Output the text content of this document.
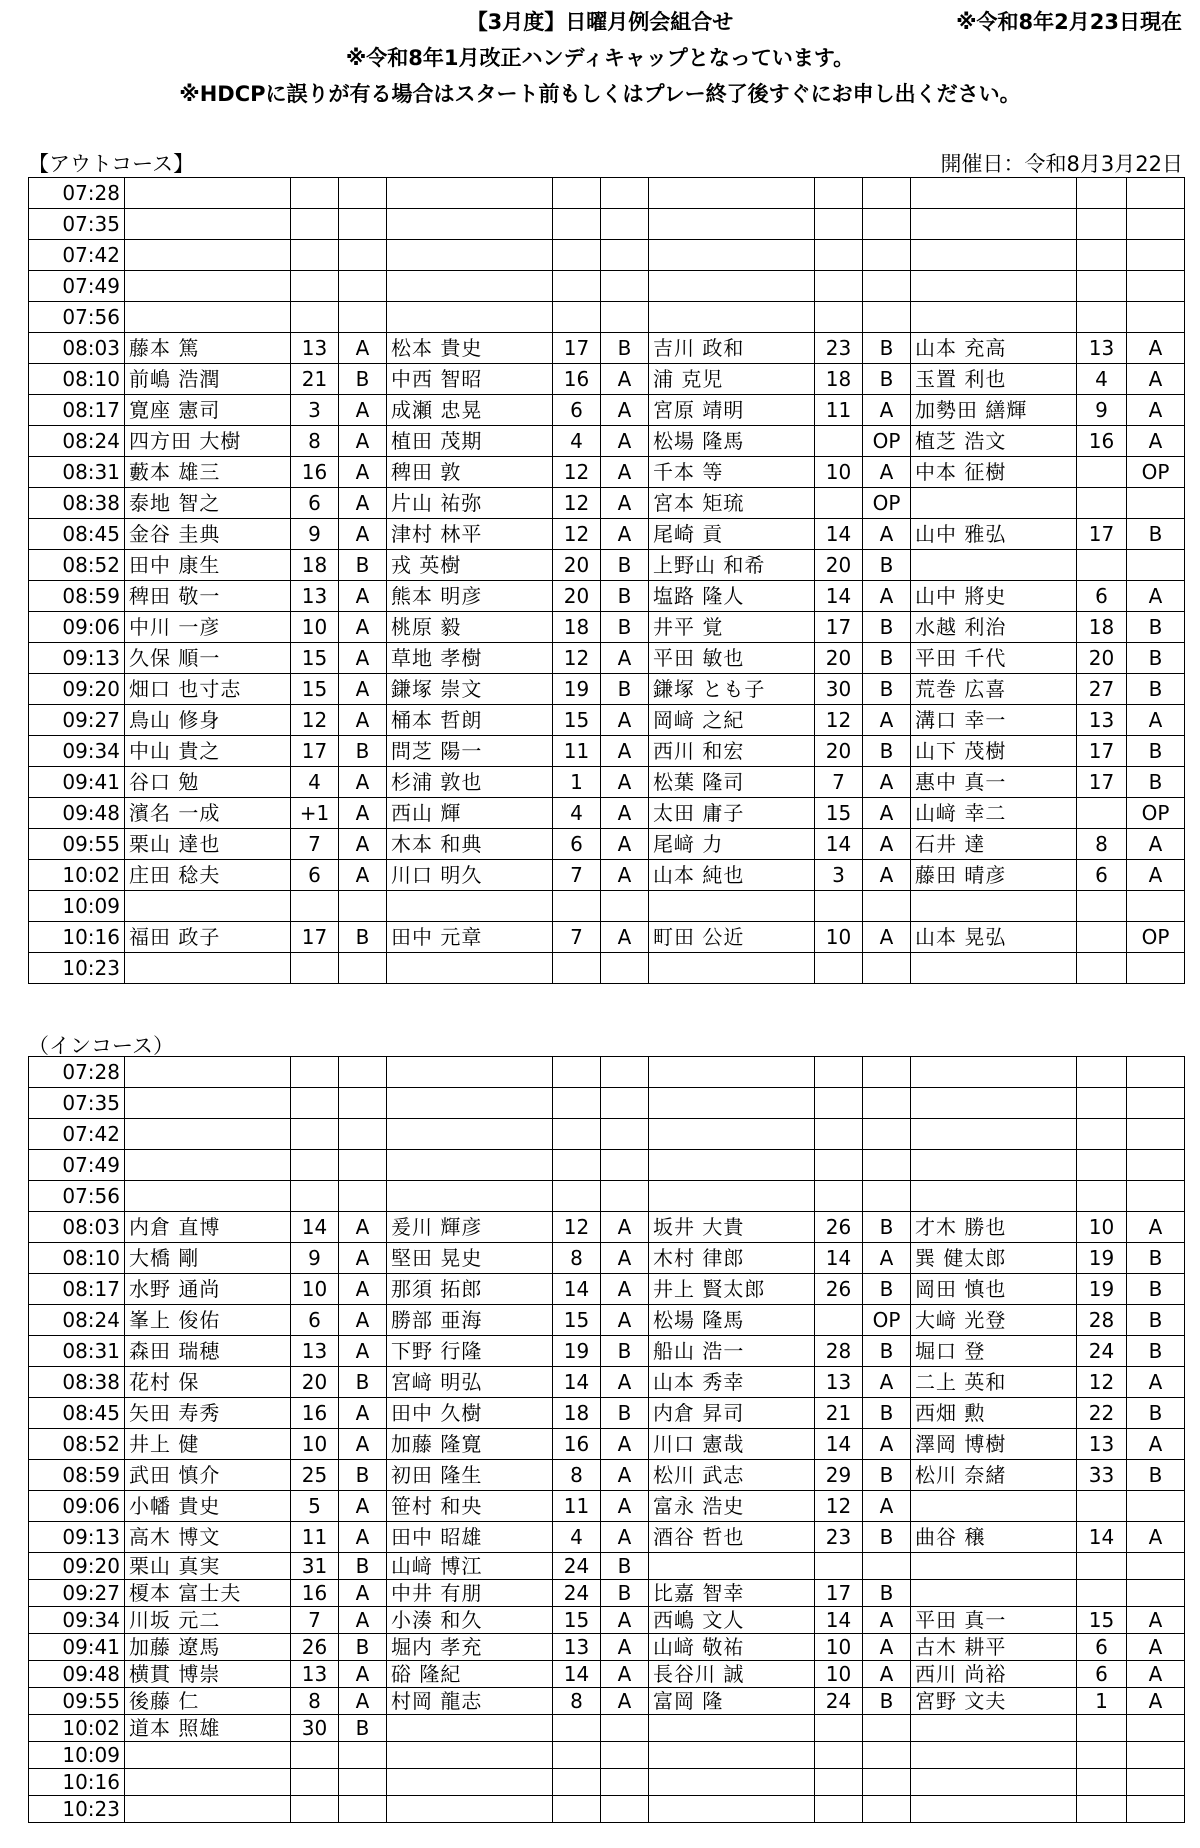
【3月度】日曜月例会組合せ	※令和8年2月23日現在
※令和8年1月改正ハンディキャップとなっています。
※HDCPに誤りが有る場合はスタート前もしくはプレー終了後すぐにお申し出ください。
【アウトコース】	開催日：令和8月3月22日
07:28												
07:35												
07:42												
07:49												
07:56												
08:03	藤本 篤	13	A	松本 貴史	17	B	吉川 政和	23	B	山本 充高	13	A
08:10	前嶋 浩潤	21	B	中西 智昭	16	A	浦 克児	18	B	玉置 利也	4	A
08:17	寛座 憲司	3	A	成瀬 忠晃	6	A	宮原 靖明	11	A	加勢田 繕輝	9	A
08:24	四方田 大樹	8	A	植田 茂期	4	A	松場 隆馬		OP	植芝 浩文	16	A
08:31	藪本 雄三	16	A	稗田 敦	12	A	千本 等	10	A	中本 征樹		OP
08:38	泰地 智之	6	A	片山 祐弥	12	A	宮本 矩琉		OP			
08:45	金谷 圭典	9	A	津村 林平	12	A	尾崎 貢	14	A	山中 雅弘	17	B
08:52	田中 康生	18	B	戎 英樹	20	B	上野山 和希	20	B			
08:59	稗田 敬一	13	A	熊本 明彦	20	B	塩路 隆人	14	A	山中 將史	6	A
09:06	中川 一彦	10	A	桃原 毅	18	B	井平 覚	17	B	水越 利治	18	B
09:13	久保 順一	15	A	草地 孝樹	12	A	平田 敏也	20	B	平田 千代	20	B
09:20	畑口 也寸志	15	A	鎌塚 崇文	19	B	鎌塚 とも子	30	B	荒巻 広喜	27	B
09:27	鳥山 修身	12	A	桶本 哲朗	15	A	岡﨑 之紀	12	A	溝口 幸一	13	A
09:34	中山 貴之	17	B	問芝 陽一	11	A	西川 和宏	20	B	山下 茂樹	17	B
09:41	谷口 勉	4	A	杉浦 敦也	1	A	松葉 隆司	7	A	惠中 真一	17	B
09:48	濱名 一成	+1	A	西山 輝	4	A	太田 庸子	15	A	山﨑 幸二		OP
09:55	栗山 達也	7	A	木本 和典	6	A	尾﨑 力	14	A	石井 達	8	A
10:02	庄田 稔夫	6	A	川口 明久	7	A	山本 純也	3	A	藤田 晴彦	6	A
10:09												
10:16	福田 政子	17	B	田中 元章	7	A	町田 公近	10	A	山本 晃弘		OP
10:23												
（インコース）
07:28												
07:35												
07:42												
07:49												
07:56												
08:03	内倉 直博	14	A	爰川 輝彦	12	A	坂井 大貴	26	B	才木 勝也	10	A
08:10	大橋 剛	9	A	堅田 晃史	8	A	木村 律郎	14	A	巽 健太郎	19	B
08:17	水野 通尚	10	A	那須 拓郎	14	A	井上 賢太郎	26	B	岡田 慎也	19	B
08:24	峯上 俊佑	6	A	勝部 亜海	15	A	松場 隆馬		OP	大﨑 光登	28	B
08:31	森田 瑞穂	13	A	下野 行隆	19	B	船山 浩一	28	B	堀口 登	24	B
08:38	花村 保	20	B	宮﨑 明弘	14	A	山本 秀幸	13	A	二上 英和	12	A
08:45	矢田 寿秀	16	A	田中 久樹	18	B	内倉 昇司	21	B	西畑 勲	22	B
08:52	井上 健	10	A	加藤 隆寛	16	A	川口 憲哉	14	A	澤岡 博樹	13	A
08:59	武田 慎介	25	B	初田 隆生	8	A	松川 武志	29	B	松川 奈緒	33	B
09:06	小幡 貴史	5	A	笹村 和央	11	A	富永 浩史	12	A			
09:13	高木 博文	11	A	田中 昭雄	4	A	酒谷 哲也	23	B	曲谷 穣	14	A
09:20	栗山 真実	31	B	山﨑 博江	24	B						
09:27	榎本 富士夫	16	A	中井 有朋	24	B	比嘉 智幸	17	B			
09:34	川坂 元二	7	A	小湊 和久	15	A	西嶋 文人	14	A	平田 真一	15	A
09:41	加藤 遼馬	26	B	堀内 孝充	13	A	山﨑 敬祐	10	A	古木 耕平	6	A
09:48	横貫 博崇	13	A	硲 隆紀	14	A	長谷川 誠	10	A	西川 尚裕	6	A
09:55	後藤 仁	8	A	村岡 龍志	8	A	富岡 隆	24	B	宮野 文夫	1	A
10:02	道本 照雄	30	B									
10:09												
10:16												
10:23												
